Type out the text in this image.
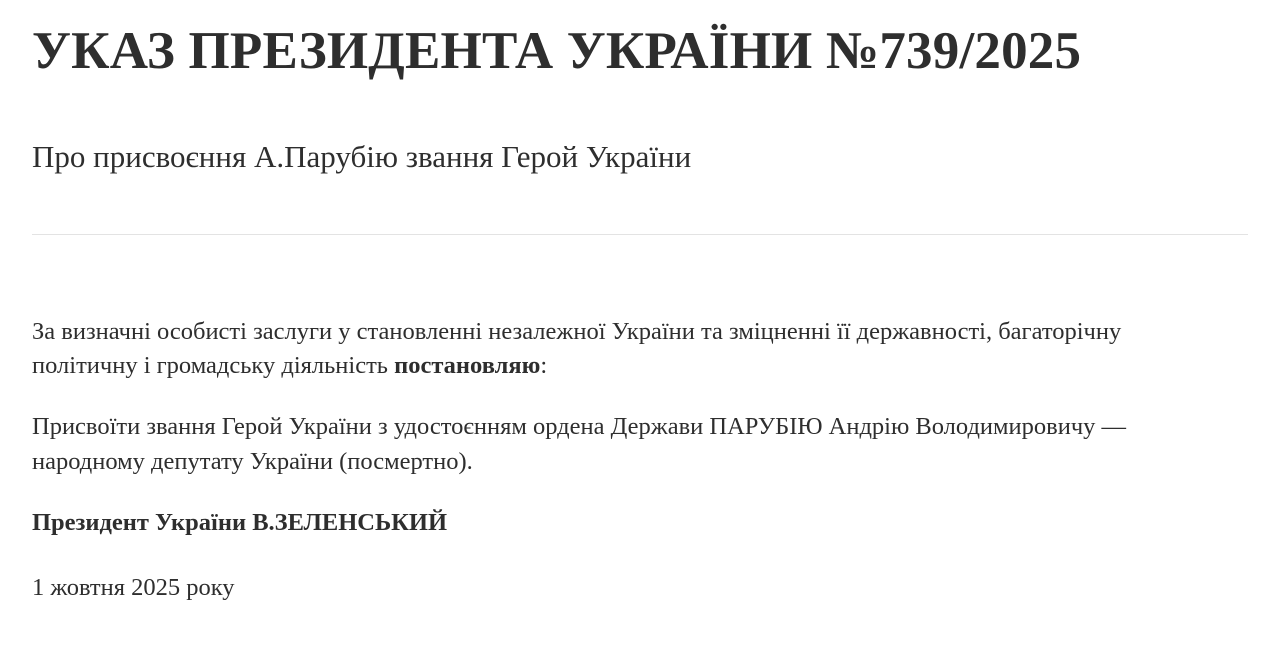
УКАЗ ПРЕЗИДЕНТА УКРАЇНИ №739/2025
Про присвоєння А.Парубію звання Герой України

За визначні особисті заслуги у становленні незалежної України та зміцненні її державності, багаторічну політичну і громадську діяльність постановляю:

Присвоїти звання Герой України з удостоєнням ордена Держави ПАРУБІЮ Андрію Володимировичу — народному депутату України (посмертно).

Президент України В.ЗЕЛЕНСЬКИЙ

1 жовтня 2025 року
